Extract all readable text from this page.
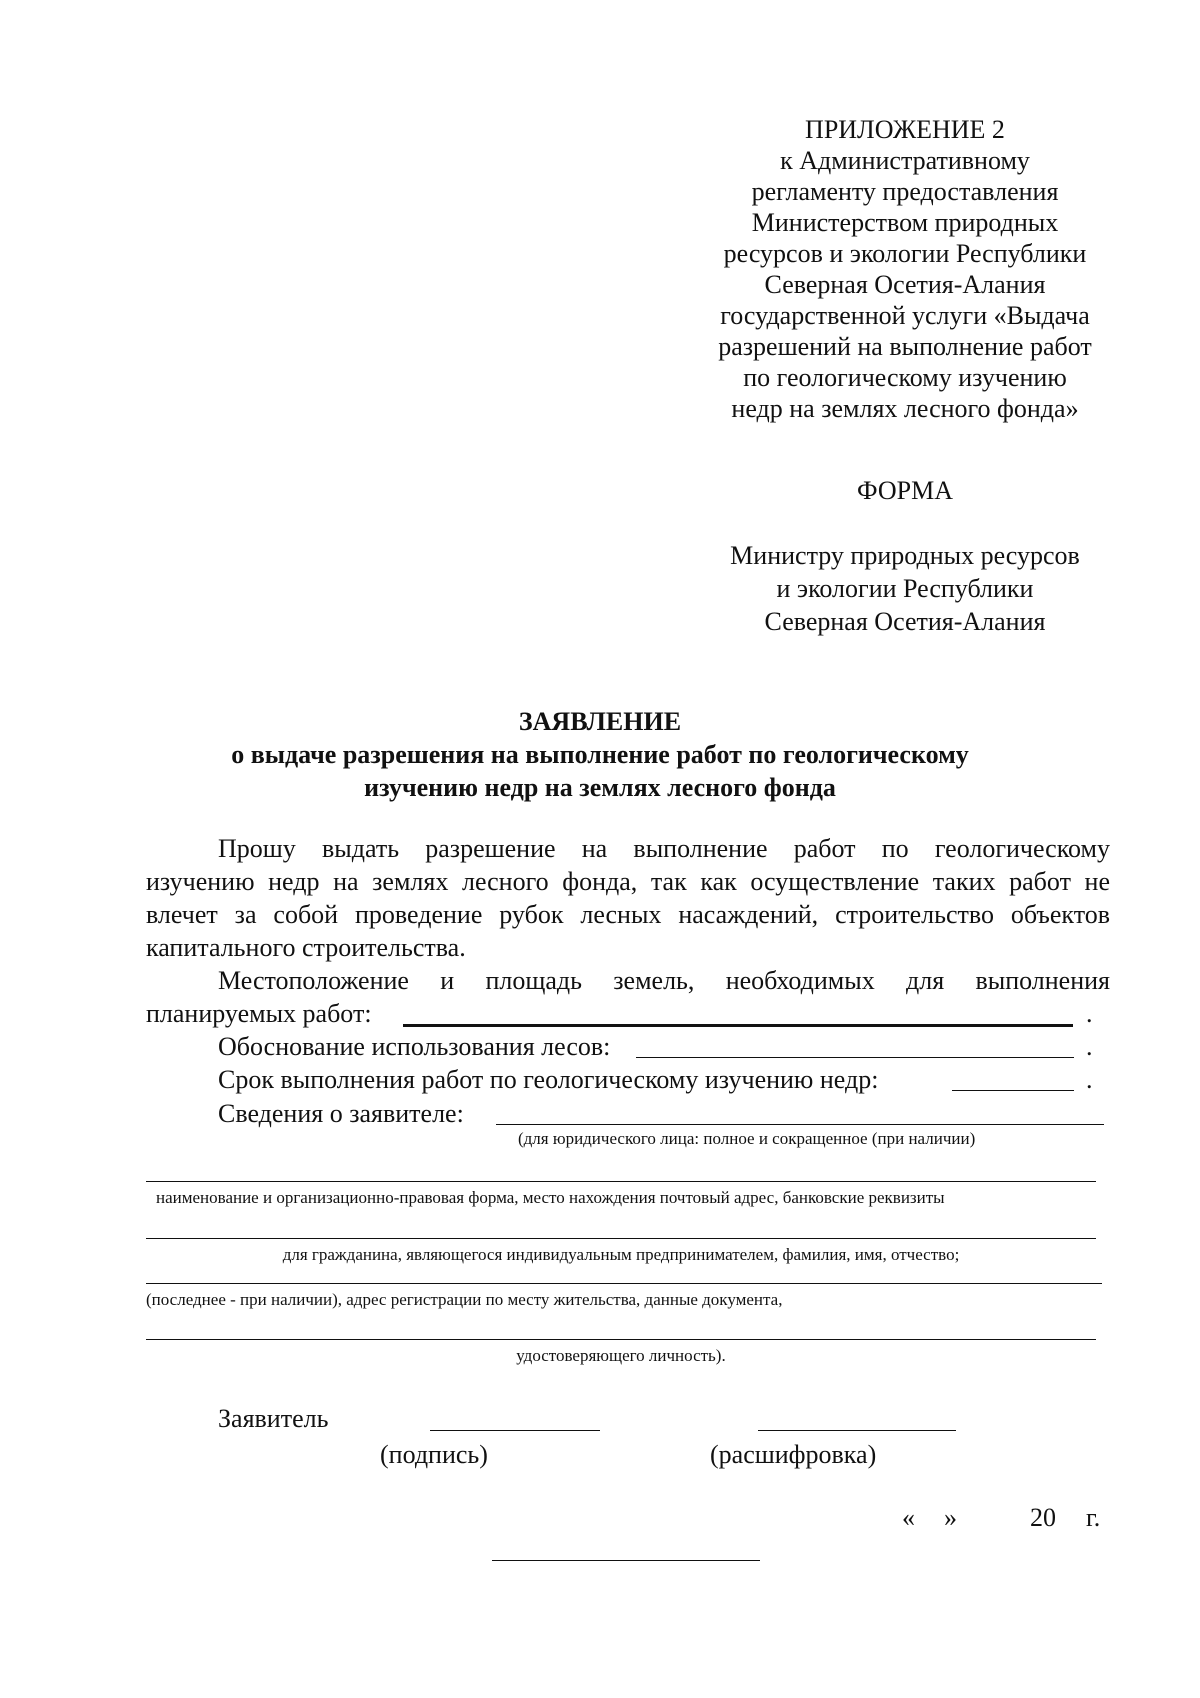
ПРИЛОЖЕНИЕ 2
к Административному
регламенту предоставления
Министерством природных
ресурсов и экологии Республики
Северная Осетия-Алания
государственной услуги «Выдача
разрешений на выполнение работ
по геологическому изучению
недр на землях лесного фонда»
ФОРМА
Министру природных ресурсов
и экологии Республики
Северная Осетия-Алания
ЗАЯВЛЕНИЕ
о выдаче разрешения на выполнение работ по геологическому
изучению недр на землях лесного фонда
Прошу выдать разрешение на выполнение работ по геологическому
изучению недр на землях лесного фонда, так как осуществление таких работ не
влечет за собой проведение рубок лесных насаждений, строительство объектов
капитального строительства.
Местоположение и площадь земель, необходимых для выполнения
планируемых работ:	.
Обоснование использования лесов:	.
Срок выполнения работ по геологическому изучению недр:	.
Сведения о заявителе:
(для юридического лица: полное и сокращенное (при наличии)
наименование и организационно-правовая форма, место нахождения почтовый адрес, банковские реквизиты
для гражданина, являющегося индивидуальным предпринимателем, фамилия, имя, отчество;
(последнее - при наличии), адрес регистрации по месту жительства, данные документа,
удостоверяющего личность).
Заявитель
(подпись)	(расшифровка)
« »	20 г.
